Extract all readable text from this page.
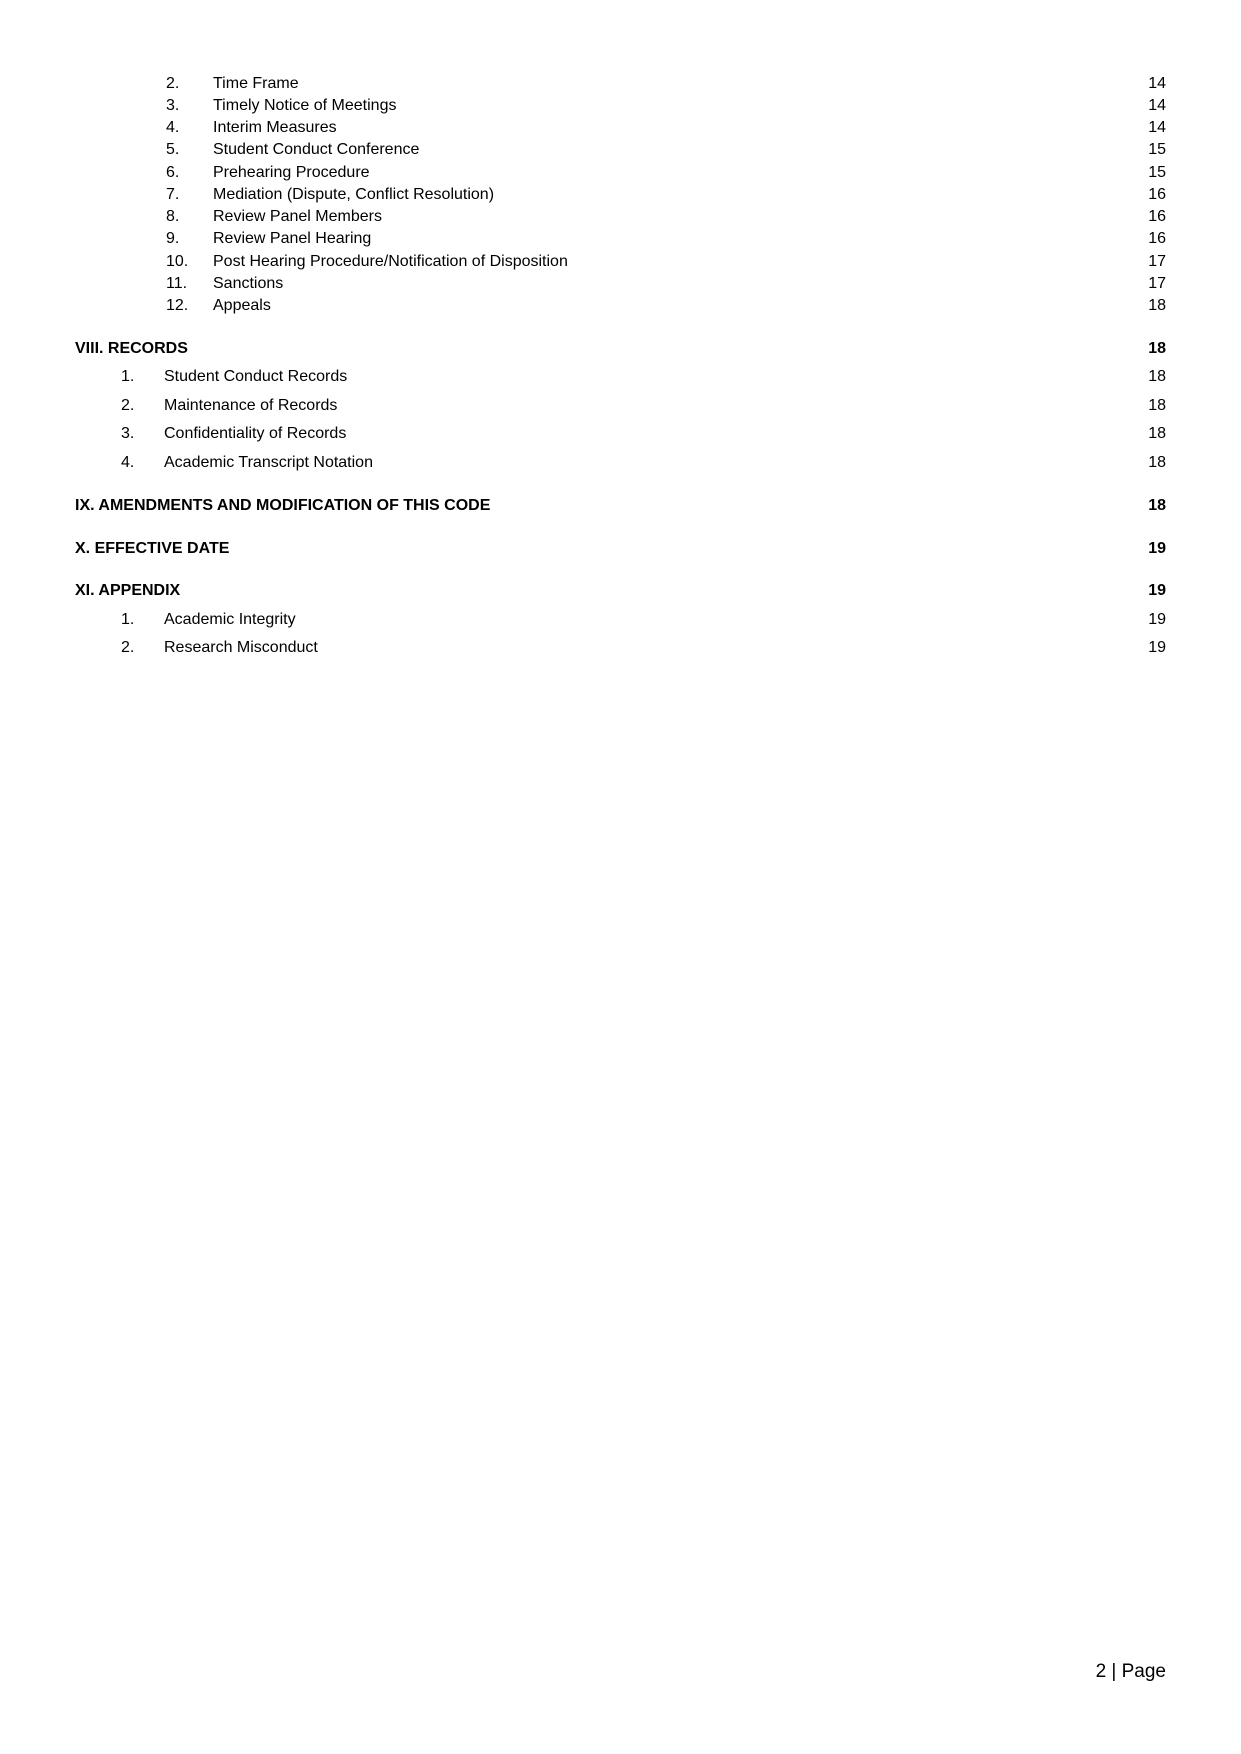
2. Time Frame	14
3. Timely Notice of Meetings	14
4. Interim Measures	14
5. Student Conduct Conference	15
6. Prehearing Procedure	15
7. Mediation (Dispute, Conflict Resolution)	16
8. Review Panel Members	16
9. Review Panel Hearing	16
10. Post Hearing Procedure/Notification of Disposition	17
11. Sanctions	17
12. Appeals	18
VIII. RECORDS	18
1. Student Conduct Records	18
2. Maintenance of Records	18
3. Confidentiality of Records	18
4. Academic Transcript Notation	18
IX. AMENDMENTS AND MODIFICATION OF THIS CODE	18
X. EFFECTIVE DATE	19
XI. APPENDIX	19
1. Academic Integrity	19
2. Research Misconduct	19
2 | Page
